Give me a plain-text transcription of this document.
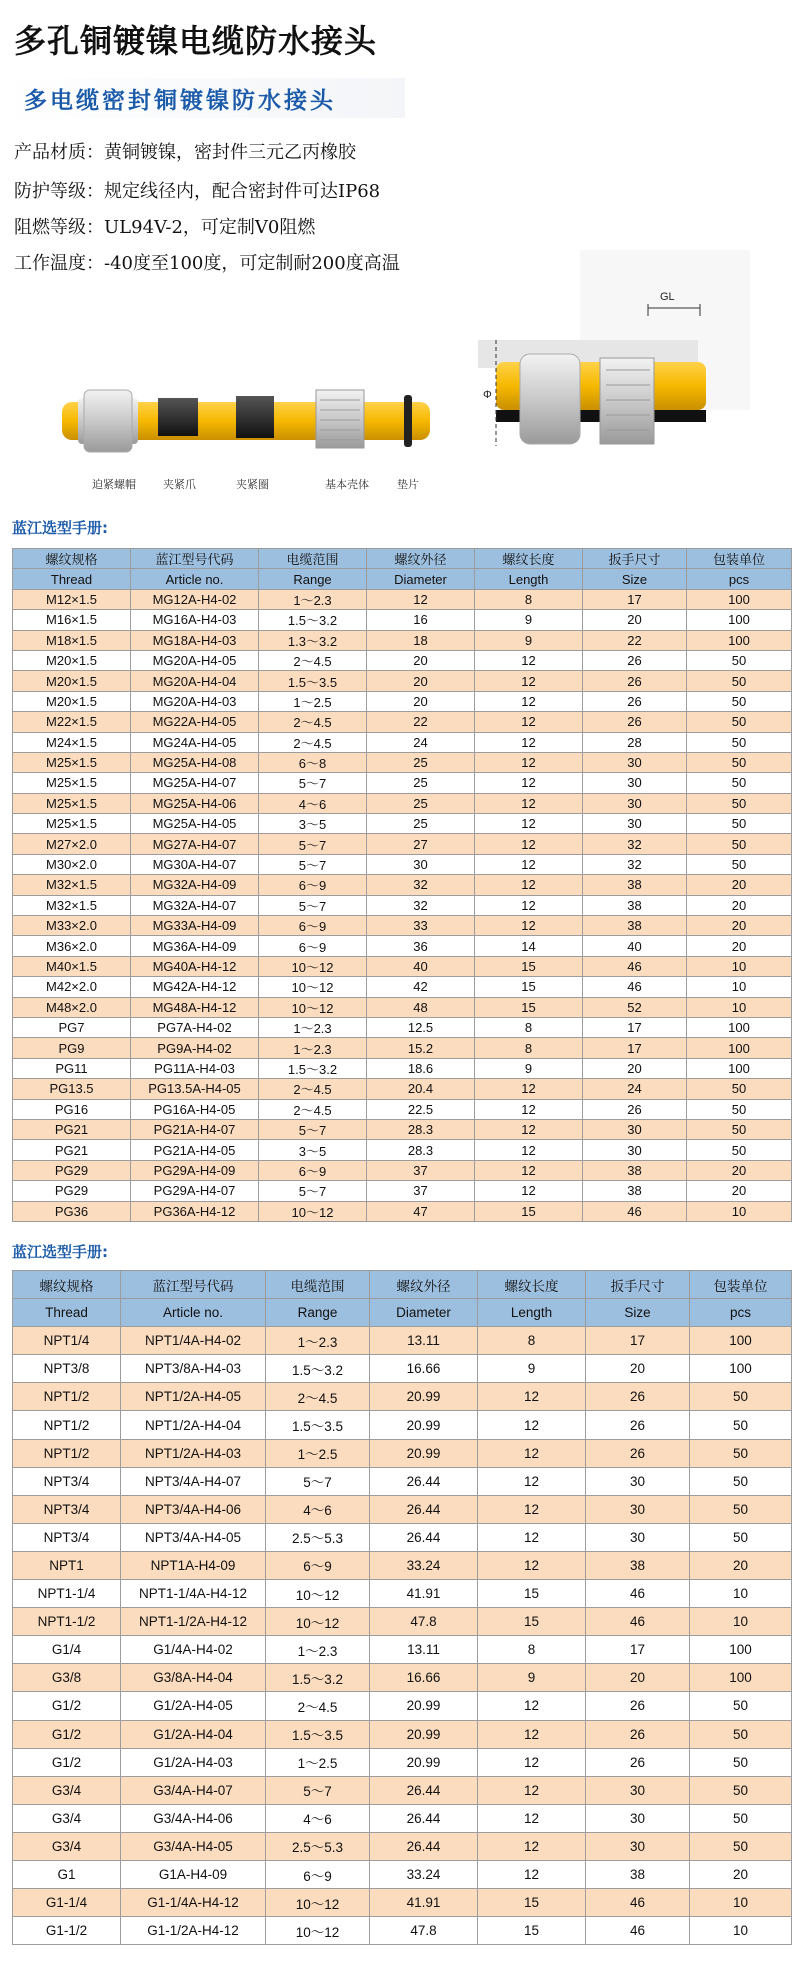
多孔铜镀镍电缆防水接头
多电缆密封铜镀镍防水接头
产品材质：黄铜镀镍，密封件三元乙丙橡胶
防护等级：规定线径内，配合密封件可达IP68
阻燃等级：UL94V-2，可定制V0阻燃
工作温度：-40度至100度，可定制耐200度高温
GL
Φ
迫紧螺帽 夹紧爪	夹紧圈	基本壳体	垫片
蓝江选型手册:
螺纹规格	蓝江型号代码	电缆范围	螺纹外径	螺纹长度	扳手尺寸	包装单位
Thread	Article no.	Range	Diameter	Length	Size	pcs
M12×1.5	MG12A-H4-02	1～2.3	12	8	17	100
M16×1.5	MG16A-H4-03	1.5～3.2	16	9	20	100
M18×1.5	MG18A-H4-03	1.3～3.2	18	9	22	100
M20×1.5	MG20A-H4-05	2～4.5	20	12	26	50
M20×1.5	MG20A-H4-04	1.5～3.5	20	12	26	50
M20×1.5	MG20A-H4-03	1～2.5	20	12	26	50
M22×1.5	MG22A-H4-05	2～4.5	22	12	26	50
M24×1.5	MG24A-H4-05	2～4.5	24	12	28	50
M25×1.5	MG25A-H4-08	6～8	25	12	30	50
M25×1.5	MG25A-H4-07	5～7	25	12	30	50
M25×1.5	MG25A-H4-06	4～6	25	12	30	50
M25×1.5	MG25A-H4-05	3～5	25	12	30	50
M27×2.0	MG27A-H4-07	5～7	27	12	32	50
M30×2.0	MG30A-H4-07	5～7	30	12	32	50
M32×1.5	MG32A-H4-09	6～9	32	12	38	20
M32×1.5	MG32A-H4-07	5～7	32	12	38	20
M33×2.0	MG33A-H4-09	6～9	33	12	38	20
M36×2.0	MG36A-H4-09	6～9	36	14	40	20
M40×1.5	MG40A-H4-12	10～12	40	15	46	10
M42×2.0	MG42A-H4-12	10～12	42	15	46	10
M48×2.0	MG48A-H4-12	10～12	48	15	52	10
PG7	PG7A-H4-02	1～2.3	12.5	8	17	100
PG9	PG9A-H4-02	1～2.3	15.2	8	17	100
PG11	PG11A-H4-03	1.5～3.2	18.6	9	20	100
PG13.5	PG13.5A-H4-05	2～4.5	20.4	12	24	50
PG16	PG16A-H4-05	2～4.5	22.5	12	26	50
PG21	PG21A-H4-07	5～7	28.3	12	30	50
PG21	PG21A-H4-05	3～5	28.3	12	30	50
PG29	PG29A-H4-09	6～9	37	12	38	20
PG29	PG29A-H4-07	5～7	37	12	38	20
PG36	PG36A-H4-12	10～12	47	15	46	10
蓝江选型手册:
螺纹规格	蓝江型号代码	电缆范围	螺纹外径	螺纹长度	扳手尺寸	包装单位
Thread	Article no.	Range	Diameter	Length	Size	pcs
NPT1/4	NPT1/4A-H4-02	1～2.3	13.11	8	17	100
NPT3/8	NPT3/8A-H4-03	1.5～3.2	16.66	9	20	100
NPT1/2	NPT1/2A-H4-05	2～4.5	20.99	12	26	50
NPT1/2	NPT1/2A-H4-04	1.5～3.5	20.99	12	26	50
NPT1/2	NPT1/2A-H4-03	1～2.5	20.99	12	26	50
NPT3/4	NPT3/4A-H4-07	5～7	26.44	12	30	50
NPT3/4	NPT3/4A-H4-06	4～6	26.44	12	30	50
NPT3/4	NPT3/4A-H4-05	2.5～5.3	26.44	12	30	50
NPT1	NPT1A-H4-09	6～9	33.24	12	38	20
NPT1-1/4	NPT1-1/4A-H4-12	10～12	41.91	15	46	10
NPT1-1/2	NPT1-1/2A-H4-12	10～12	47.8	15	46	10
G1/4	G1/4A-H4-02	1～2.3	13.11	8	17	100
G3/8	G3/8A-H4-04	1.5～3.2	16.66	9	20	100
G1/2	G1/2A-H4-05	2～4.5	20.99	12	26	50
G1/2	G1/2A-H4-04	1.5～3.5	20.99	12	26	50
G1/2	G1/2A-H4-03	1～2.5	20.99	12	26	50
G3/4	G3/4A-H4-07	5～7	26.44	12	30	50
G3/4	G3/4A-H4-06	4～6	26.44	12	30	50
G3/4	G3/4A-H4-05	2.5～5.3	26.44	12	30	50
G1	G1A-H4-09	6～9	33.24	12	38	20
G1-1/4	G1-1/4A-H4-12	10～12	41.91	15	46	10
G1-1/2	G1-1/2A-H4-12	10～12	47.8	15	46	10
